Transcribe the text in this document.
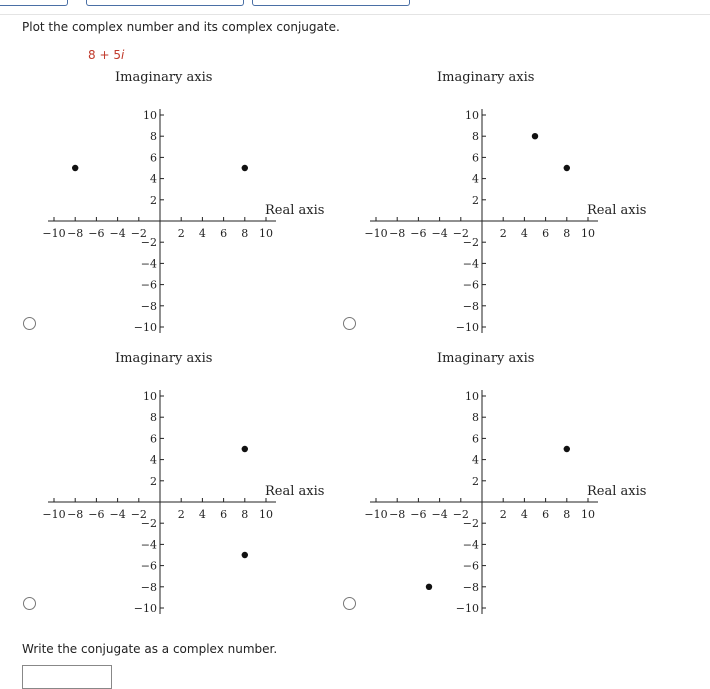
Plot the complex number and its complex conjugate.
8 + 5i
−10
−10
−8
−8
−6
−6
−4
−4
−2
−2
2
2
4
4
6
6
8
8
10
10
Imaginary axis
Real axis
−10
−10
−8
−8
−6
−6
−4
−4
−2
−2
2
2
4
4
6
6
8
8
10
10
Imaginary axis
Real axis
−10
−10
−8
−8
−6
−6
−4
−4
−2
−2
2
2
4
4
6
6
8
8
10
10
Imaginary axis
Real axis
−10
−10
−8
−8
−6
−6
−4
−4
−2
−2
2
2
4
4
6
6
8
8
10
10
Imaginary axis
Real axis
Write the conjugate as a complex number.
